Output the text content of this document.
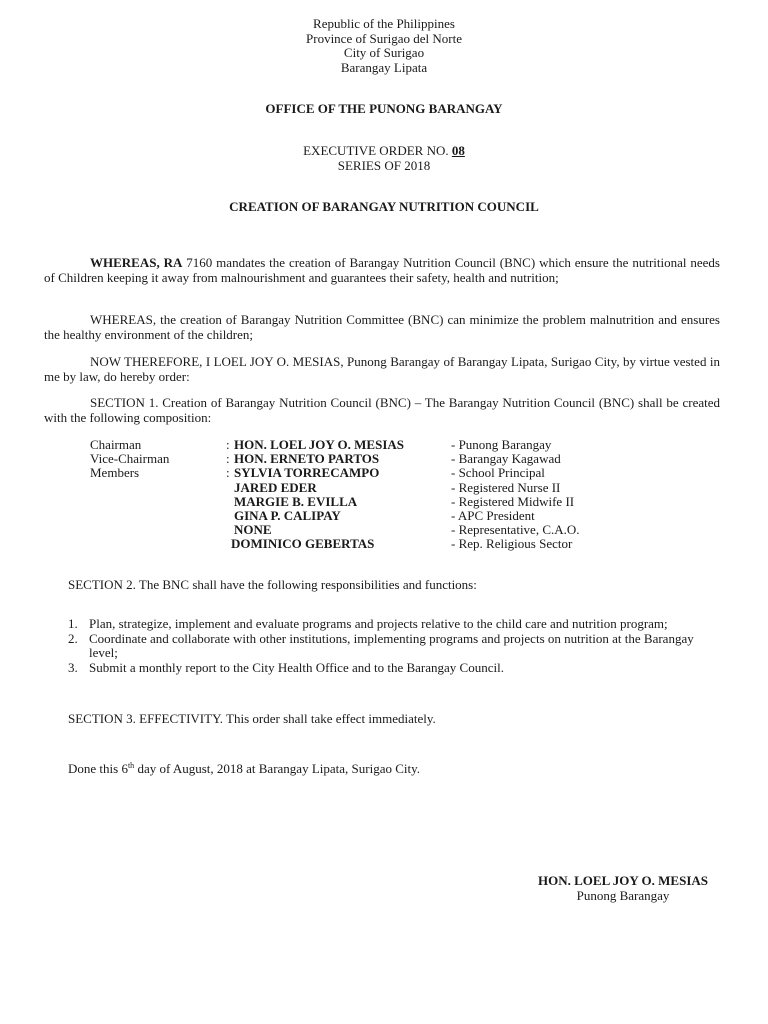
Republic of the Philippines
Province of Surigao del Norte
City of Surigao
Barangay Lipata
OFFICE OF THE PUNONG BARANGAY
EXECUTIVE ORDER NO. 08
SERIES OF 2018
CREATION OF BARANGAY NUTRITION COUNCIL
WHEREAS, RA 7160 mandates the creation of Barangay Nutrition Council (BNC) which ensure the nutritional needs of Children keeping it away from malnourishment and guarantees their safety, health and nutrition;
WHEREAS, the creation of Barangay Nutrition Committee (BNC) can minimize the problem malnutrition and ensures the healthy environment of the children;
NOW THEREFORE, I LOEL JOY O. MESIAS, Punong Barangay of Barangay Lipata, Surigao City, by virtue vested in me by law, do hereby order:
SECTION 1. Creation of Barangay Nutrition Council (BNC) – The Barangay Nutrition Council (BNC) shall be created with the following composition:
Chairman	: HON. LOEL JOY O. MESIAS	- Punong Barangay
Vice-Chairman	: HON. ERNETO PARTOS	- Barangay Kagawad
Members	: SYLVIA TORRECAMPO	- School Principal
JARED EDER	- Registered Nurse II
MARGIE B. EVILLA	- Registered Midwife II
GINA P. CALIPAY	- APC President
NONE	- Representative, C.A.O.
DOMINICO GEBERTAS	- Rep. Religious Sector
SECTION 2. The BNC shall have the following responsibilities and functions:
1. Plan, strategize, implement and evaluate programs and projects relative to the child care and nutrition program;
2. Coordinate and collaborate with other institutions, implementing programs and projects on nutrition at the Barangay level;
3. Submit a monthly report to the City Health Office and to the Barangay Council.
SECTION 3. EFFECTIVITY. This order shall take effect immediately.
Done this 6th day of August, 2018 at Barangay Lipata, Surigao City.
HON. LOEL JOY O. MESIAS
Punong Barangay
